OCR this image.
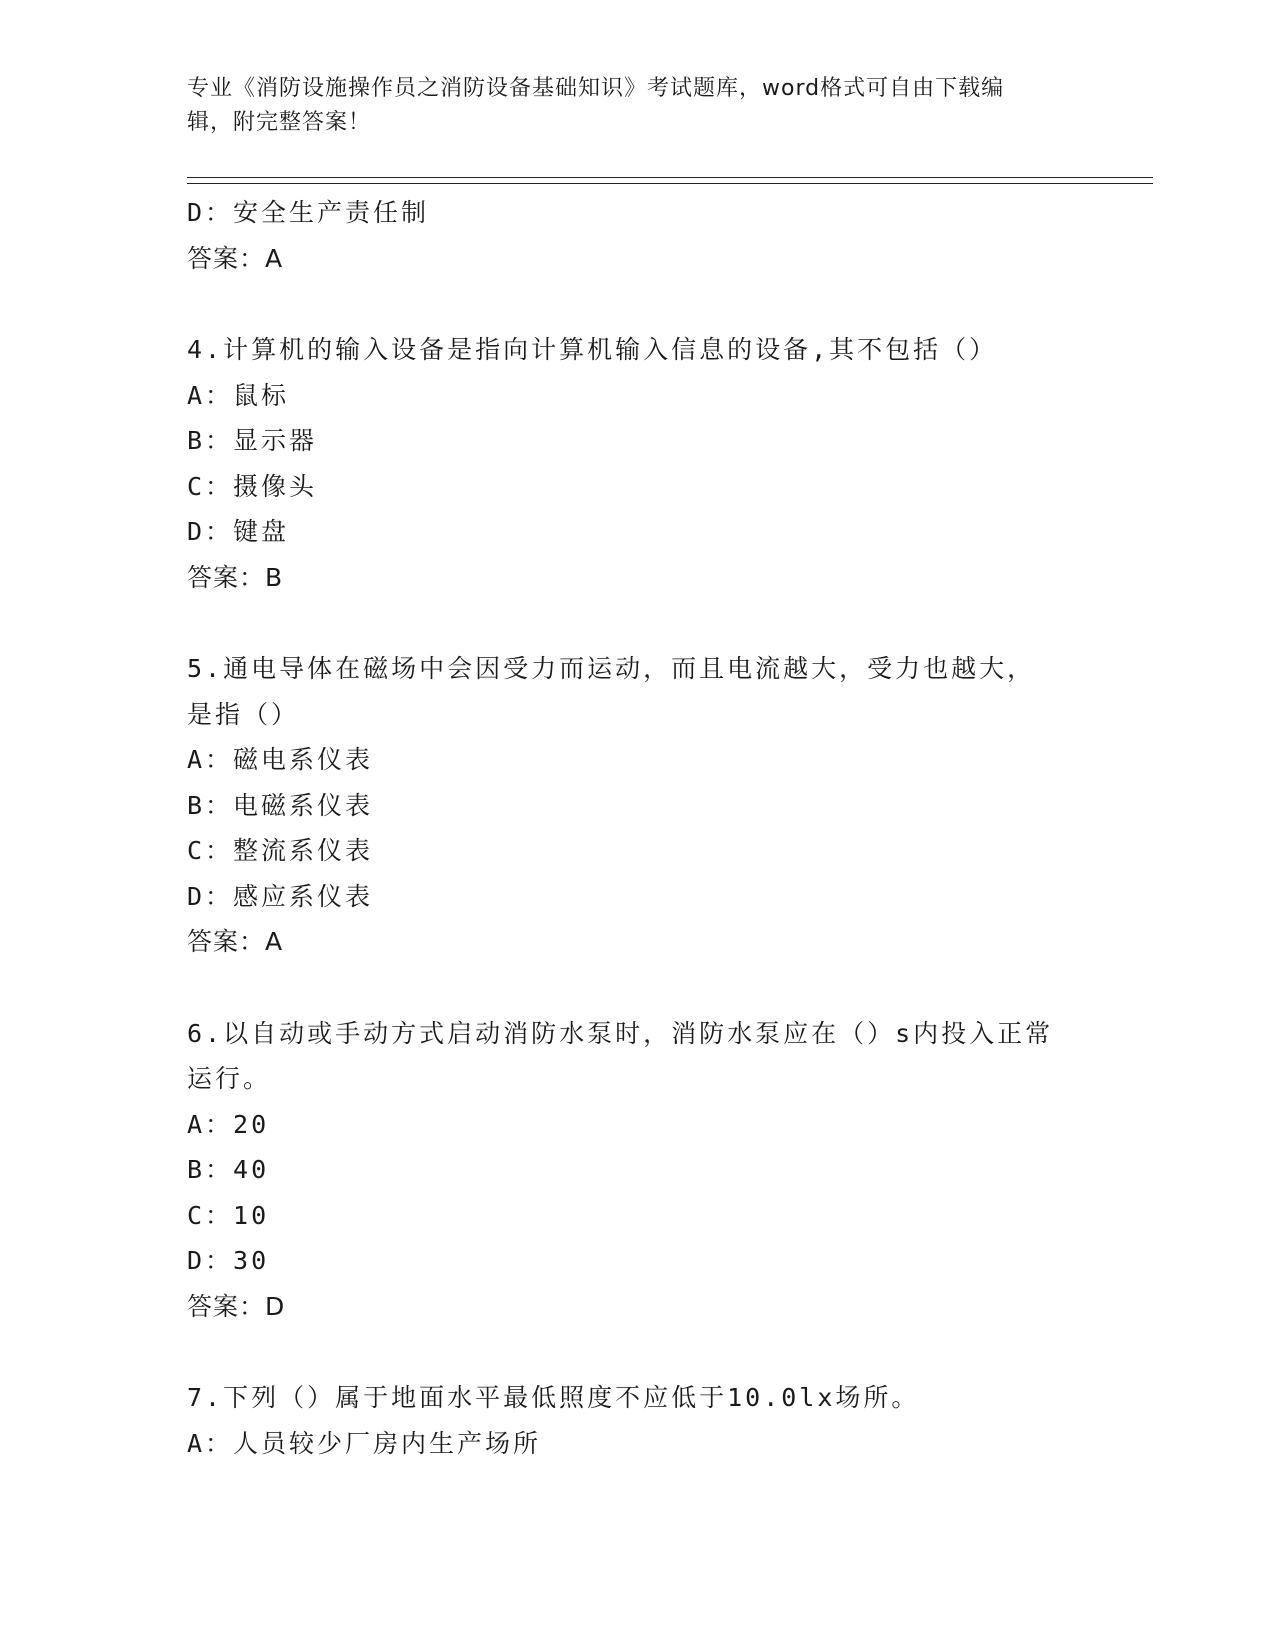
专业《消防设施操作员之消防设备基础知识》考试题库，word格式可自由下载编
辑，附完整答案！
D：安全生产责任制
答案：A
4.计算机的输入设备是指向计算机输入信息的设备,其不包括（）
A：鼠标
B：显示器
C：摄像头
D：键盘
答案：B
5.通电导体在磁场中会因受力而运动，而且电流越大，受力也越大，
是指（）
A：磁电系仪表
B：电磁系仪表
C：整流系仪表
D：感应系仪表
答案：A
6.以自动或手动方式启动消防水泵时，消防水泵应在（）s内投入正常
运行。
A：20
B：40
C：10
D：30
答案：D
7.下列（）属于地面水平最低照度不应低于10.0lx场所。
A：人员较少厂房内生产场所
